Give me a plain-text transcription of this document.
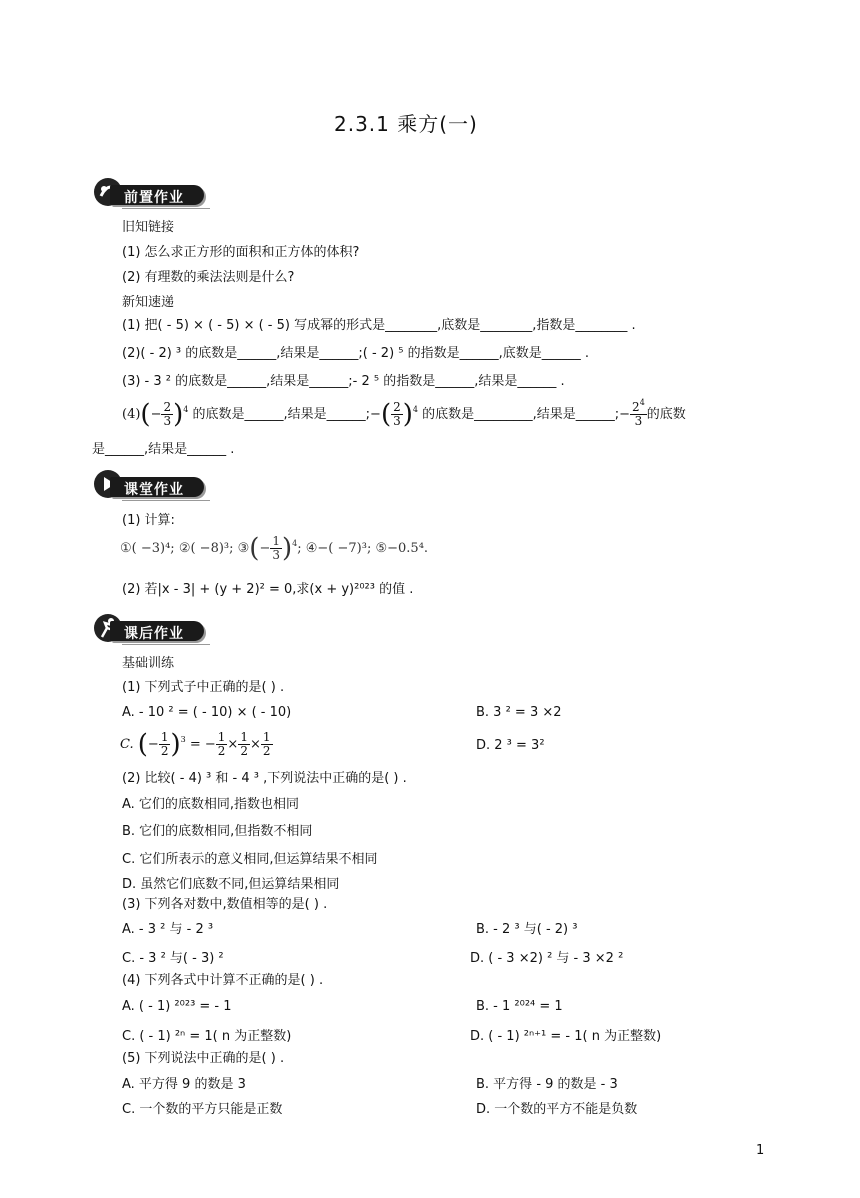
2.3.1 乘方(一)
前置作业
旧知链接
(1) 怎么求正方形的面积和正方体的体积?
(2) 有理数的乘法法则是什么?
新知速递
(1) 把( - 5) × ( - 5) × ( - 5) 写成幂的形式是________,底数是________,指数是________ .
(2)( - 2) ³ 的底数是______,结果是______;( - 2) ⁵ 的指数是______,底数是______ .
(3) - 3 ² 的底数是______,结果是______;- 2 ⁵ 的指数是______,结果是______ .
$(4)(- \frac{2}{3} )^4$ 的底数是______,结果是______;−( $\frac{2}{3} )^4$ 的底数是_________,结果是______;− $\frac{2^4}{3}$ 的底数
是______,结果是______ .
课堂作业
(1) 计算:
①( −3)⁴; ②( −8)³; ③(− $\frac{1}{3} )^4$; ④−( −7)³; ⑤−0.5⁴.
(2) 若|x - 3| + (y + 2)² = 0,求(x + y)²⁰²³ 的值 .
课后作业
基础训练
(1) 下列式子中正确的是( ) .
A. - 10 ² = ( - 10) × ( - 10)	B. 3 ² = 3 ×2
C. (− $\frac{1}{2} )^3$ = − $\frac{1}{2} \times \frac{1}{2} \times \frac{1}{2}$	D. 2 ³ = 3²
(2) 比较( - 4) ³ 和 - 4 ³ ,下列说法中正确的是( ) .
A. 它们的底数相同,指数也相同
B. 它们的底数相同,但指数不相同
C. 它们所表示的意义相同,但运算结果不相同
D. 虽然它们底数不同,但运算结果相同
(3) 下列各对数中,数值相等的是( ) .
A. - 3 ² 与 - 2 ³	B. - 2 ³ 与( - 2) ³
C. - 3 ² 与( - 3) ²	D. ( - 3 ×2) ² 与 - 3 ×2 ²
(4) 下列各式中计算不正确的是( ) .
A. ( - 1) ²⁰²³ = - 1	B. - 1 ²⁰²⁴ = 1
C. ( - 1) ²ⁿ = 1( n 为正整数)	D. ( - 1) ²ⁿ⁺¹ = - 1( n 为正整数)
(5) 下列说法中正确的是( ) .
A. 平方得 9 的数是 3	B. 平方得 - 9 的数是 - 3
C. 一个数的平方只能是正数	D. 一个数的平方不能是负数
1
